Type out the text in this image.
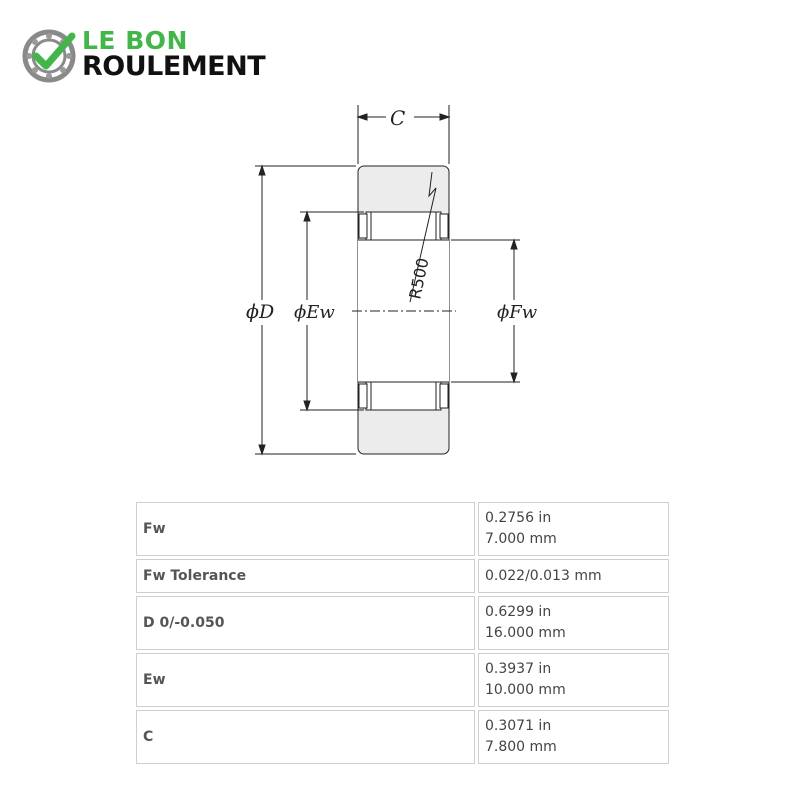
LE BON
ROULEMENT
C
ϕD ϕEw	ϕFw
R500
Fw	0.2756 in
7.000 mm

Fw Tolerance	0.022/0.013 mm

D 0/-0.050	0.6299 in
16.000 mm

Ew	0.3937 in
10.000 mm

C	0.3071 in
7.800 mm
